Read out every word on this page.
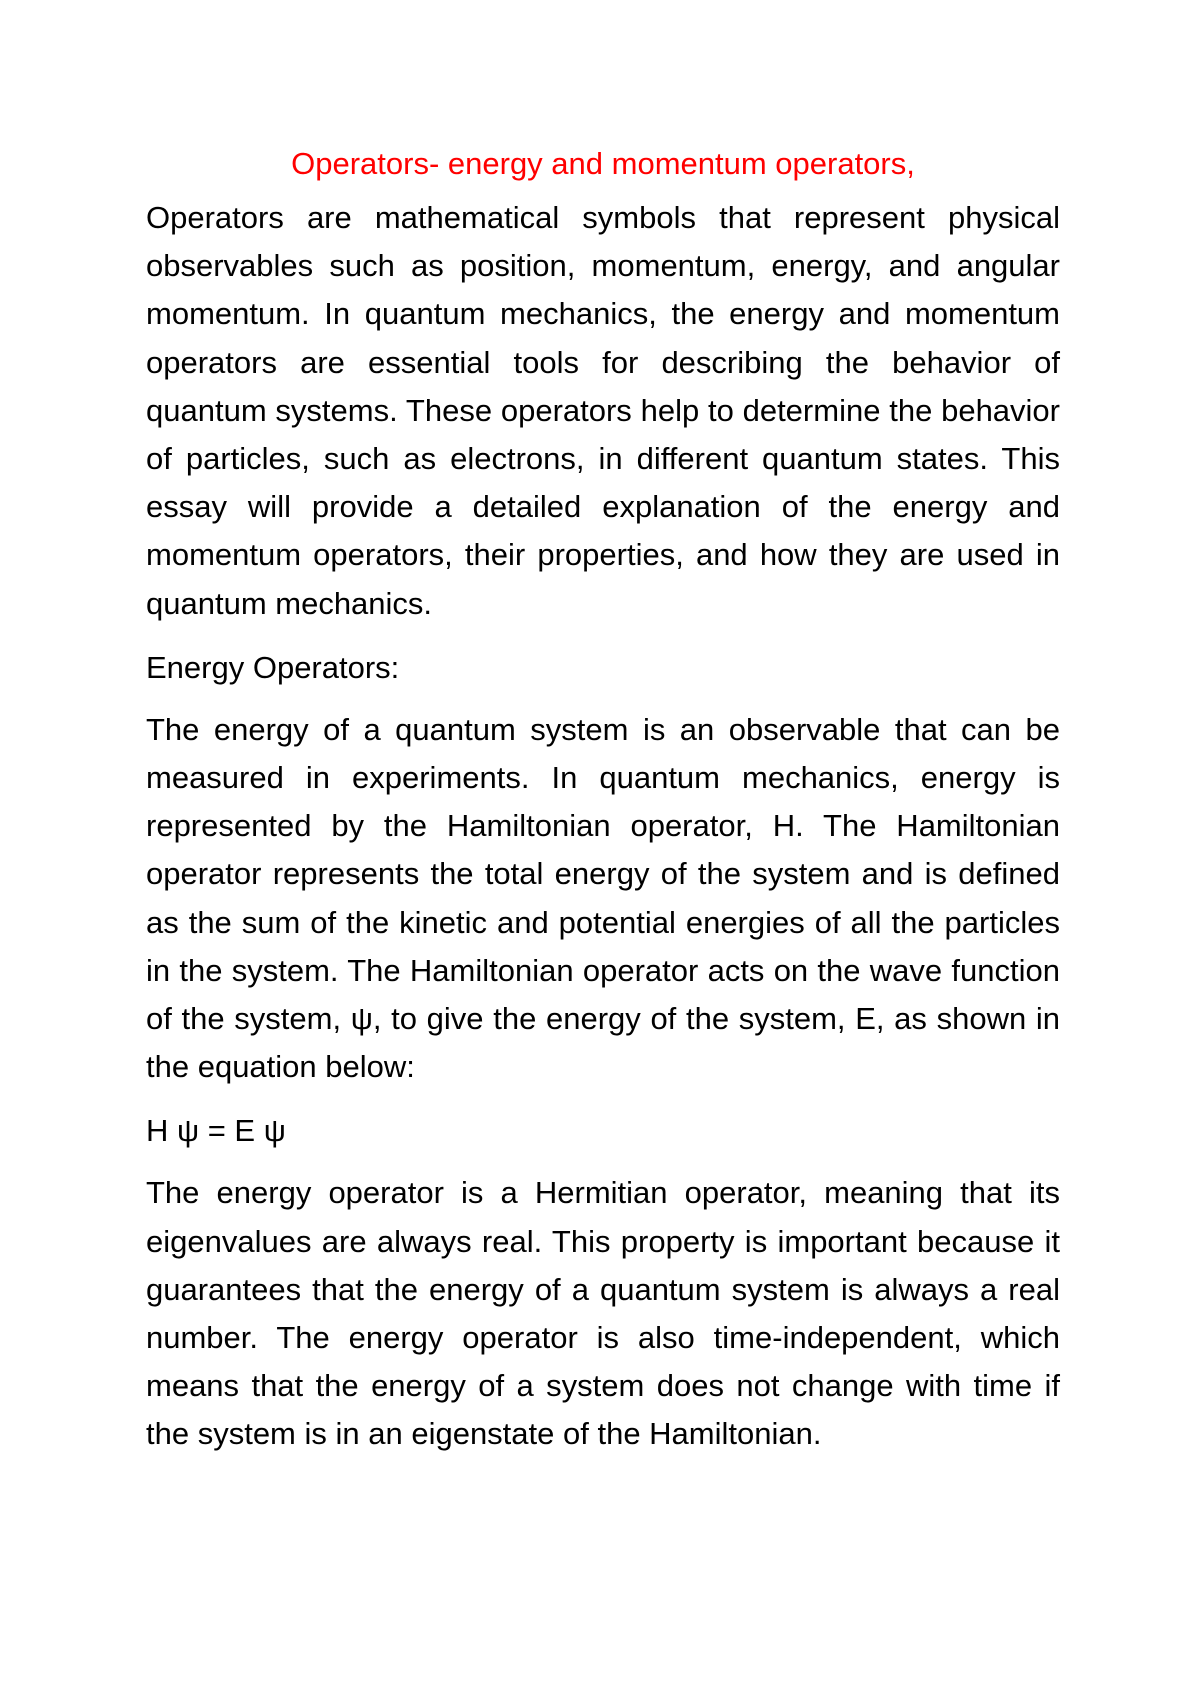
Operators- energy and momentum operators,

Operators are mathematical symbols that represent physical observables such as position, momentum, energy, and angular momentum. In quantum mechanics, the energy and momentum operators are essential tools for describing the behavior of quantum systems. These operators help to determine the behavior of particles, such as electrons, in different quantum states. This essay will provide a detailed explanation of the energy and momentum operators, their properties, and how they are used in quantum mechanics.

Energy Operators:

The energy of a quantum system is an observable that can be measured in experiments. In quantum mechanics, energy is represented by the Hamiltonian operator, H. The Hamiltonian operator represents the total energy of the system and is defined as the sum of the kinetic and potential energies of all the particles in the system. The Hamiltonian operator acts on the wave function of the system, ψ, to give the energy of the system, E, as shown in the equation below:

H ψ = E ψ

The energy operator is a Hermitian operator, meaning that its eigenvalues are always real. This property is important because it guarantees that the energy of a quantum system is always a real number. The energy operator is also time-independent, which means that the energy of a system does not change with time if the system is in an eigenstate of the Hamiltonian.
